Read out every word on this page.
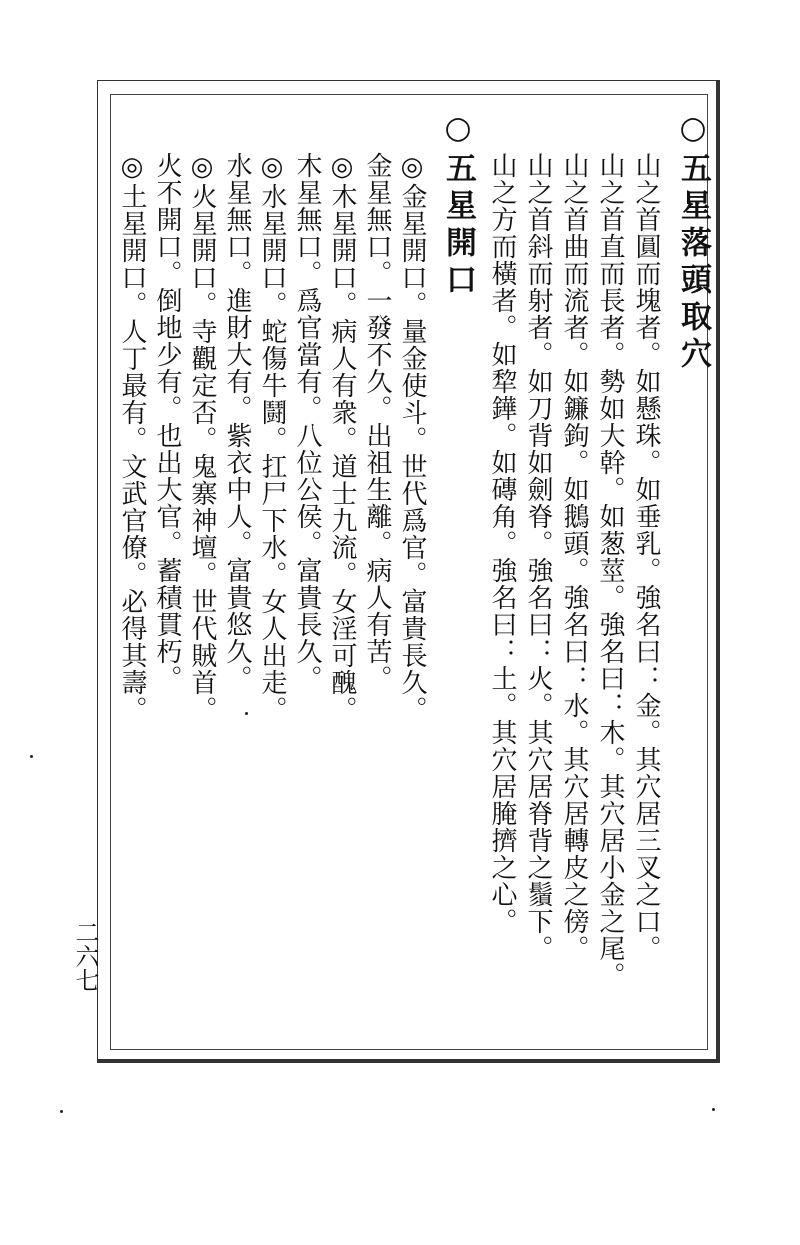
○五星落頭取穴
山之首圓而塊者。如懸珠。如垂乳。強名曰：金。其穴居三叉之口。
山之首直而長者。勢如大幹。如葱莖。強名曰：木。其穴居小金之尾。
山之首曲而流者。如鐮鉤。如鵝頭。強名曰：水。其穴居轉皮之傍。
山之首斜而射者。如刀背如劍脊。強名曰：火。其穴居脊背之鬚下。
山之方而橫者。如犂鏵。如磚角。強名曰：土。其穴居腌擠之心。
○五星開口
◎金星開口。量金使斗。世代爲官。富貴長久。
金星無口。一發不久。出祖生離。病人有苦。
◎木星開口。病人有衆。道士九流。女淫可醜。
木星無口。爲官當有。八位公侯。富貴長久。
◎水星開口。蛇傷牛鬪。扛尸下水。女人出走。
水星無口。進財大有。紫衣中人。富貴悠久。
◎火星開口。寺觀定否。鬼寨神壇。世代賊首。
火不開口。倒地少有。也出大官。蓄積貫朽。
◎土星開口。人丁最有。文武官僚。必得其壽。
二六七
